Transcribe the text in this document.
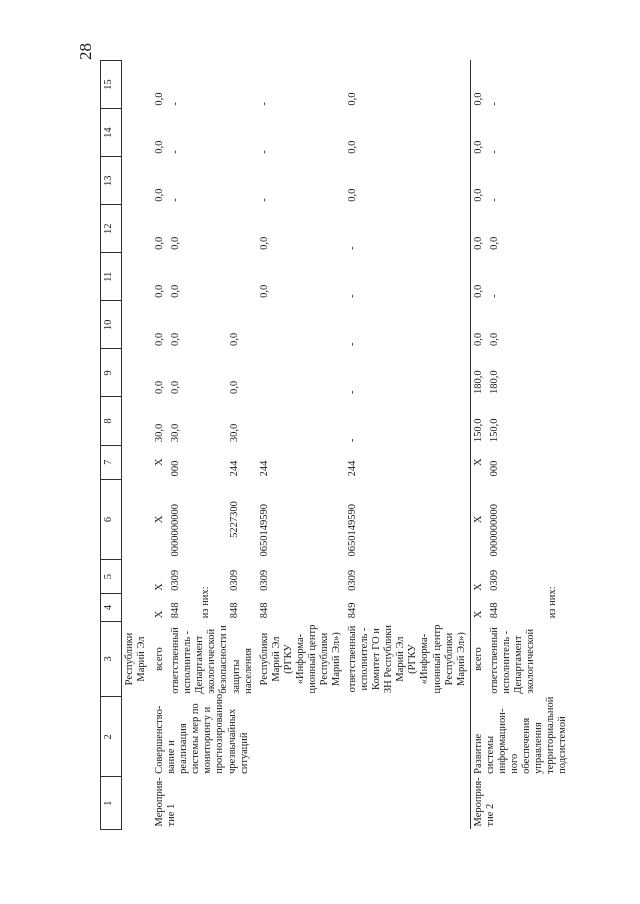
28
1	2	3	4	5	6	7	8	9	10	11	12	13	14	15
		Республики Марий Эл												
Мероприя-тие 1	Совершенство-вание и реализация системы мер по мониторингу и прогнозированию чрезвычайных ситуаций	всего	Х	Х	Х	Х	30,0	0,0	0,0	0,0	0,0	0,0	0,0	0,0
		ответственный исполнитель - Департамент экологической безопасности и защиты населения	848	0309	0000000000	000	30,0	0,0	0,0	0,0	0,0	-	-	-
			из них:											
			848	0309	5227300	244	30,0	0,0	0,0					
		Республики Марий Эл (РГКУ «Информа-ционный центр Республики Марий Эл»)	848	0309	0650149590	244				0,0	0,0	-	-	-
		ответственный исполнитель - Комитет ГО и ЗН Республики Марий Эл (РГКУ «Информа-ционный центр Республики Марий Эл»)	849	0309	0650149590	244	-	-	-	-	-	0,0	0,0	0,0
Мероприя-тие 2	Развитие системы информацион-ного обеспечения управления территориальной подсистемой	всего	Х	Х	Х	Х	150,0	180,0	0,0	0,0	0,0	0,0	0,0	0,0
		ответственный исполнитель - Департамент экологической	848	0309	0000000000	000	150,0	180,0	0,0	-	0,0	-	-	-
			из них:											
